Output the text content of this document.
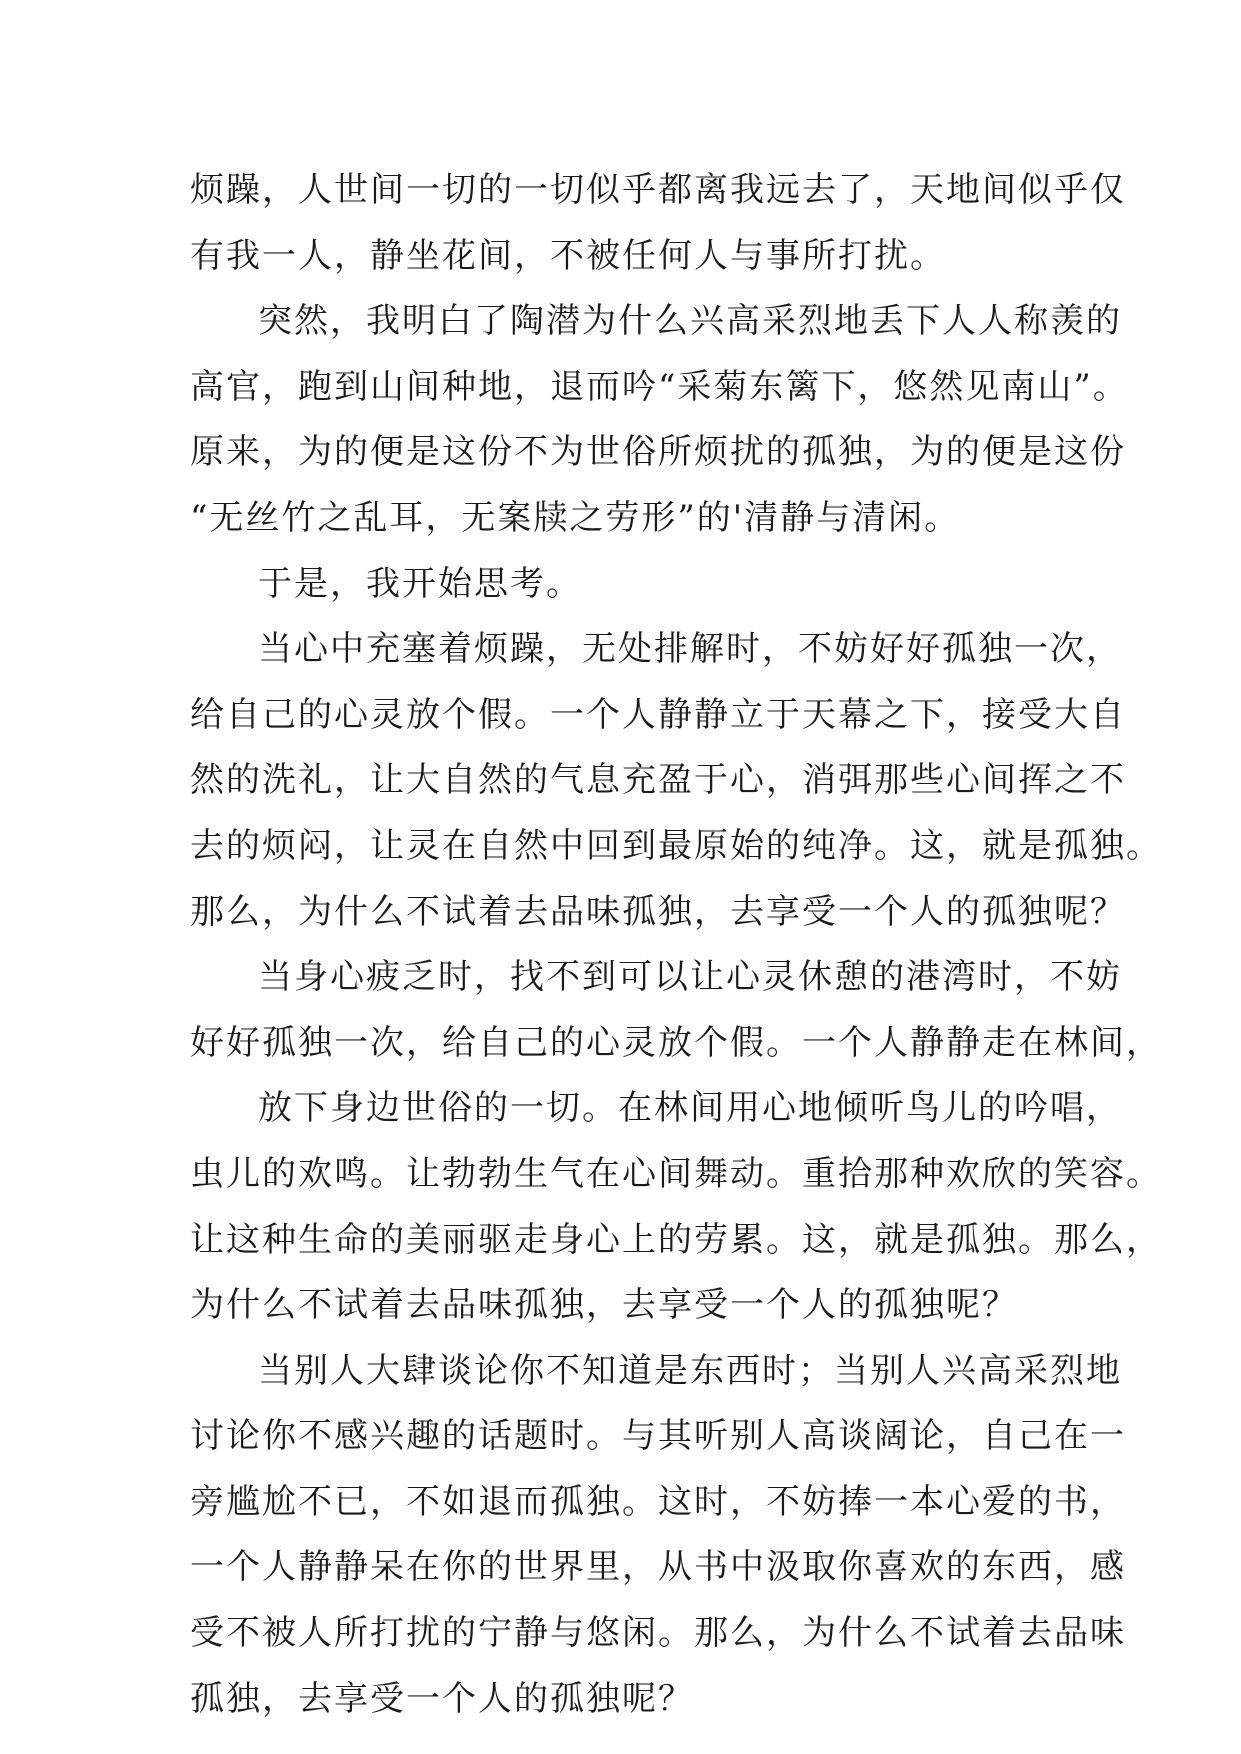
烦躁，人世间一切的一切似乎都离我远去了，天地间似乎仅
有我一人，静坐花间，不被任何人与事所打扰。
突然，我明白了陶潜为什么兴高采烈地丢下人人称羡的
高官，跑到山间种地，退而吟“采菊东篱下，悠然见南山”。
原来，为的便是这份不为世俗所烦扰的孤独，为的便是这份
“无丝竹之乱耳，无案牍之劳形”的'清静与清闲。
于是，我开始思考。
当心中充塞着烦躁，无处排解时，不妨好好孤独一次，
给自己的心灵放个假。一个人静静立于天幕之下，接受大自
然的洗礼，让大自然的气息充盈于心，消弭那些心间挥之不
去的烦闷，让灵在自然中回到最原始的纯净。这，就是孤独。
那么，为什么不试着去品味孤独，去享受一个人的孤独呢？
当身心疲乏时，找不到可以让心灵休憩的港湾时，不妨
好好孤独一次，给自己的心灵放个假。一个人静静走在林间，
放下身边世俗的一切。在林间用心地倾听鸟儿的吟唱，
虫儿的欢鸣。让勃勃生气在心间舞动。重拾那种欢欣的笑容。
让这种生命的美丽驱走身心上的劳累。这，就是孤独。那么，
为什么不试着去品味孤独，去享受一个人的孤独呢？
当别人大肆谈论你不知道是东西时；当别人兴高采烈地
讨论你不感兴趣的话题时。与其听别人高谈阔论，自己在一
旁尴尬不已，不如退而孤独。这时，不妨捧一本心爱的书，
一个人静静呆在你的世界里，从书中汲取你喜欢的东西，感
受不被人所打扰的宁静与悠闲。那么，为什么不试着去品味
孤独，去享受一个人的孤独呢？
